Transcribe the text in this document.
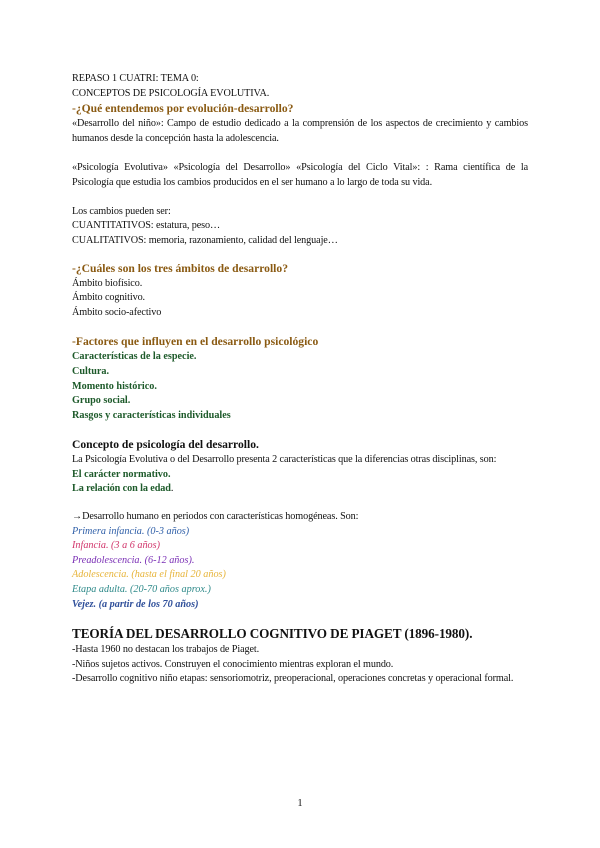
REPASO 1 CUATRI: TEMA 0:

CONCEPTOS DE PSICOLOGÍA EVOLUTIVA.

-¿Qué entendemos por evolución-desarrollo?

«Desarrollo del niño»: Campo de estudio dedicado a la comprensión de los aspectos de crecimiento y cambios humanos desde la concepción hasta la adolescencia.

«Psicología Evolutiva» «Psicología del Desarrollo» «Psicología del Ciclo Vital»: : Rama científica de la Psicología que estudia los cambios producidos en el ser humano a lo largo de toda su vida.

Los cambios pueden ser:

CUANTITATIVOS: estatura, peso…

CUALITATIVOS: memoria, razonamiento, calidad del lenguaje…

-¿Cuáles son los tres ámbitos de desarrollo?

Ámbito biofísico.

Ámbito cognitivo.

Ámbito socio-afectivo

-Factores que influyen en el desarrollo psicológico

Características de la especie.

Cultura.

Momento histórico.

Grupo social.

Rasgos y características individuales

Concepto de psicología del desarrollo.

La Psicología Evolutiva o del Desarrollo presenta 2 características que la diferencias otras disciplinas, son:

El carácter normativo.

La relación con la edad.

→Desarrollo humano en periodos con características homogéneas. Son:

Primera infancia. (0-3 años)

Infancia. (3 a 6 años)

Preadolescencia. (6-12 años).

Adolescencia. (hasta el final 20 años)

Etapa adulta. (20-70 años aprox.)

Vejez. (a partir de los 70 años)

TEORÍA DEL DESARROLLO COGNITIVO DE PIAGET (1896-1980).

-Hasta 1960 no destacan los trabajos de Piaget.

-Niños sujetos activos. Construyen el conocimiento mientras exploran el mundo.

-Desarrollo cognitivo niño etapas: sensoriomotriz, preoperacional, operaciones concretas y operacional formal.

1
